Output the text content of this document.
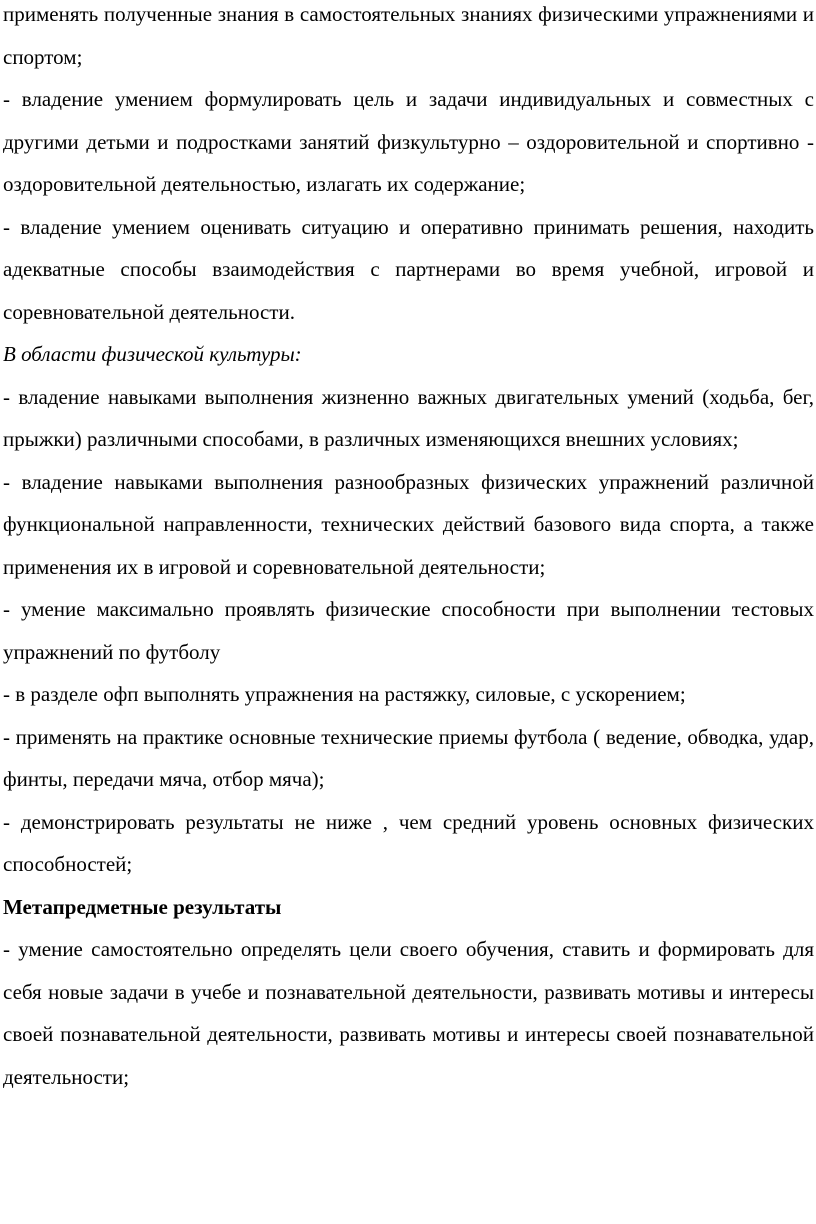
применять полученные знания в самостоятельных знаниях физическими упражнениями и спортом;

- владение умением формулировать цель и задачи индивидуальных и совместных с другими детьми и подростками занятий физкультурно – оздоровительной и спортивно - оздоровительной деятельностью, излагать их содержание;

- владение умением оценивать ситуацию и оперативно принимать решения, находить адекватные способы взаимодействия с партнерами во время учебной, игровой и соревновательной деятельности.

В области физической культуры:

- владение навыками выполнения жизненно важных двигательных умений (ходьба, бег, прыжки) различными способами, в различных изменяющихся внешних условиях;

- владение навыками выполнения разнообразных физических упражнений различной функциональной направленности, технических действий базового вида спорта, а также применения их в игровой и соревновательной деятельности;

- умение максимально проявлять физические способности при выполнении тестовых упражнений по футболу

- в разделе офп выполнять упражнения на растяжку, силовые, с ускорением;

- применять на практике основные технические приемы футбола ( ведение, обводка, удар, финты, передачи мяча, отбор мяча);

- демонстрировать результаты не ниже , чем средний уровень основных физических способностей;

Метапредметные результаты

- умение самостоятельно определять цели своего обучения, ставить и формировать для себя новые задачи в учебе и познавательной деятельности, развивать мотивы и интересы своей познавательной деятельности, развивать мотивы и интересы своей познавательной деятельности;
